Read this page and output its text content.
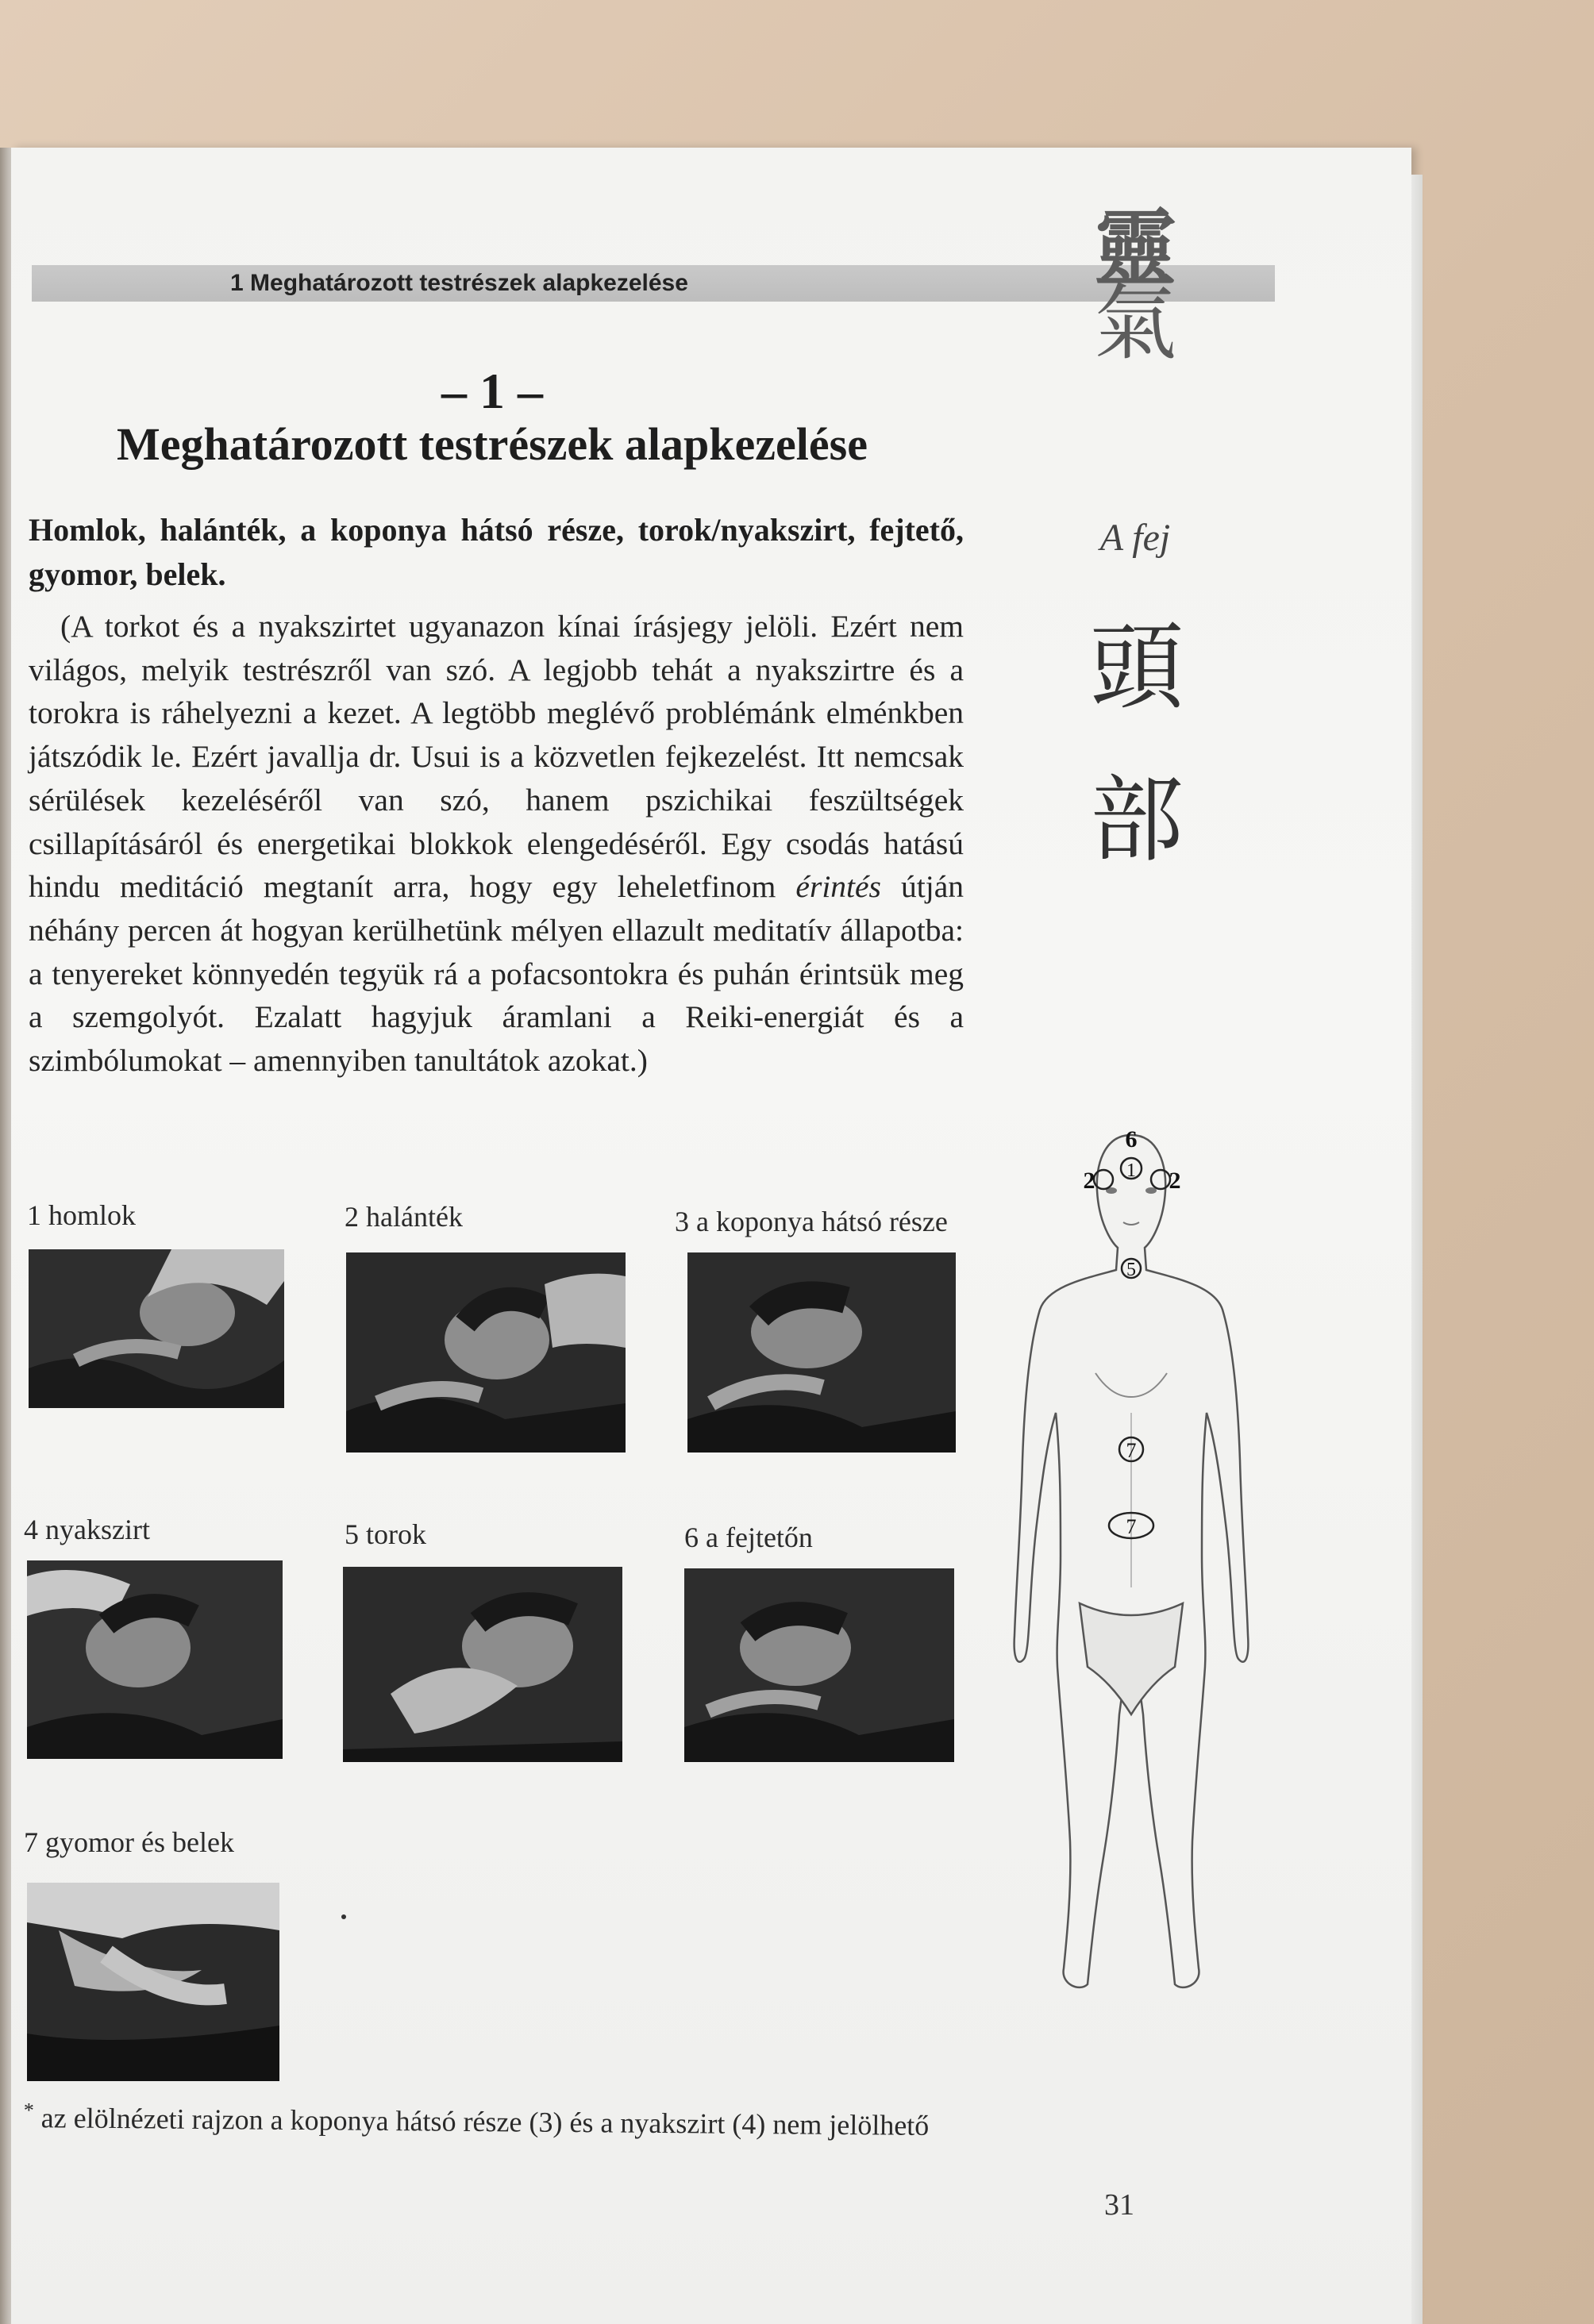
1 Meghatározott testrészek alapkezelése	靈
氣
A fej
頭
部
– 1 –
Meghatározott testrészek alapkezelése
Homlok, halánték, a koponya hátsó része, torok/nyakszirt, fejtető, gyomor, belek.
(A torkot és a nyakszirtet ugyanazon kínai írásjegy jelöli. Ezért nem világos, melyik testrészről van szó. A legjobb tehát a nyakszirtre és a torokra is ráhelyezni a kezet. A legtöbb meglévő problémánk elménkben játszódik le. Ezért javallja dr. Usui is a közvetlen fejkezelést. Itt nemcsak sérülések kezeléséről van szó, hanem pszichikai feszültségek csillapításáról és energetikai blokkok elengedéséről. Egy csodás hatású hindu meditáció megtanít arra, hogy egy leheletfinom érintés útján néhány percen át hogyan kerülhetünk mélyen ellazult meditatív állapotba: a tenyereket könnyedén tegyük rá a pofacsontokra és puhán érintsük meg a szemgolyót. Ezalatt hagyjuk áramlani a Reiki-energiát és a szimbólumokat – amennyiben tanultátok azokat.)
1 homlok	2 halánték	3 a koponya hátsó része
4 nyakszirt	5 torok	6 a fejtetőn
7 gyomor és belek
6
1
2	2
5
7
7
* az elölnézeti rajzon a koponya hátsó része (3) és a nyakszirt (4) nem jelölhető
31
